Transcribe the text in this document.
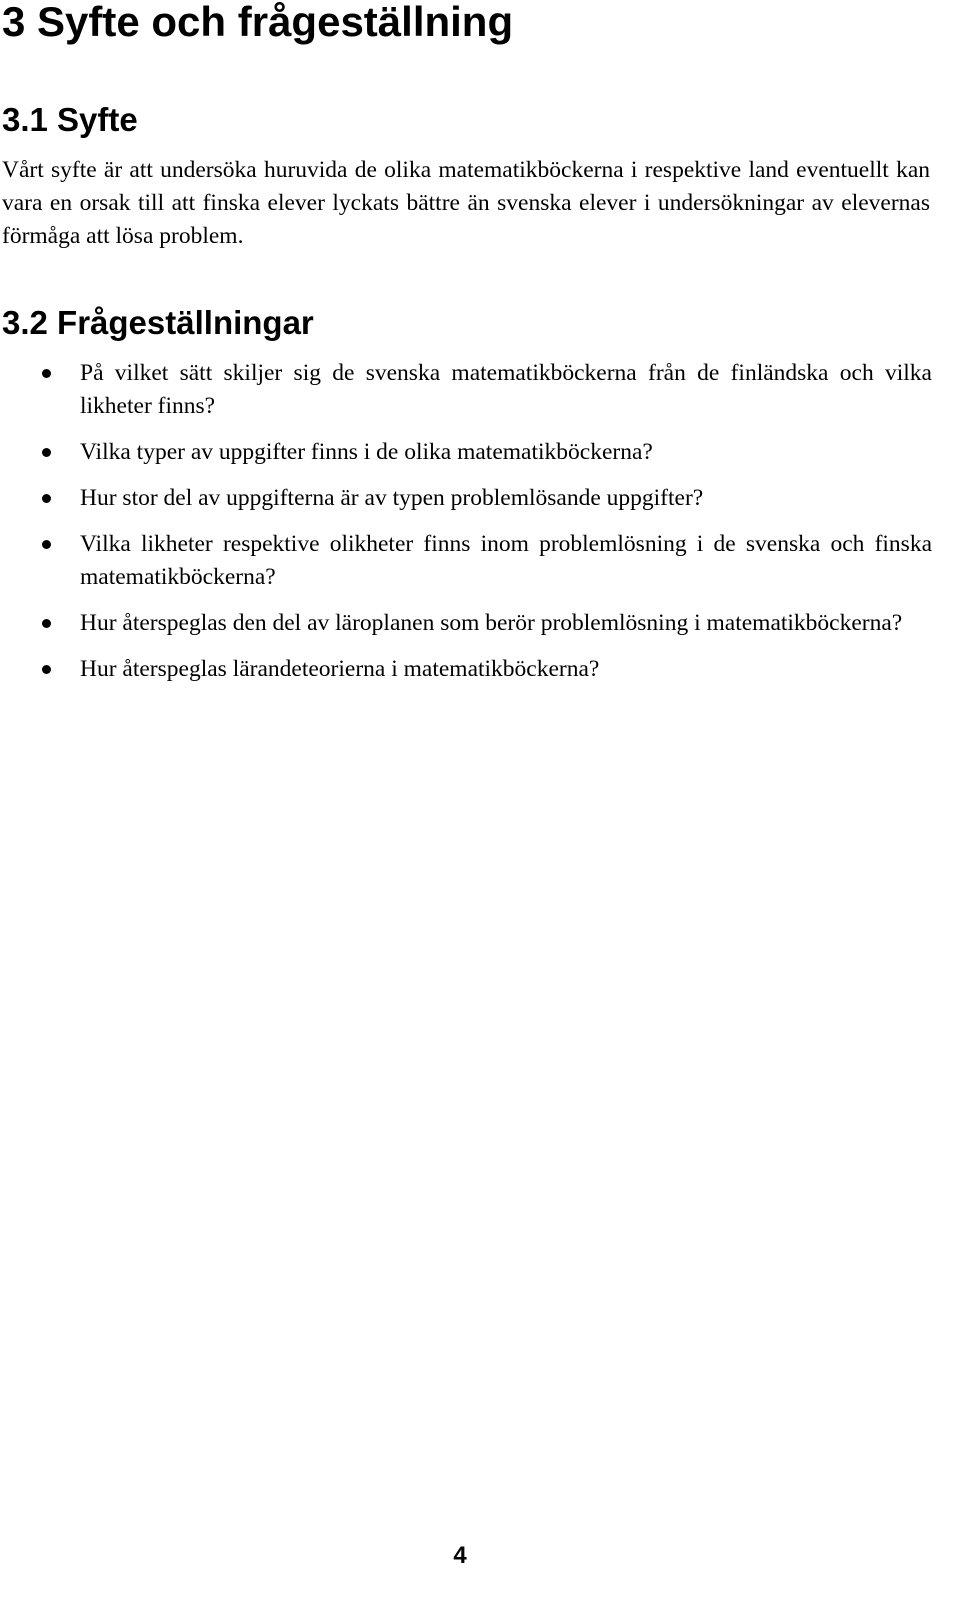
3 Syfte och frågeställning
3.1 Syfte

Vårt syfte är att undersöka huruvida de olika matematikböckerna i respektive land eventuellt kan vara en orsak till att finska elever lyckats bättre än svenska elever i undersökningar av elevernas förmåga att lösa problem.

3.2 Frågeställningar
På vilket sätt skiljer sig de svenska matematikböckerna från de finländska och vilka likheter finns?
Vilka typer av uppgifter finns i de olika matematikböckerna?
Hur stor del av uppgifterna är av typen problemlösande uppgifter?
Vilka likheter respektive olikheter finns inom problemlösning i de svenska och finska matematikböckerna?
Hur återspeglas den del av läroplanen som berör problemlösning i matematikböckerna?
Hur återspeglas lärandeteorierna i matematikböckerna?
4
